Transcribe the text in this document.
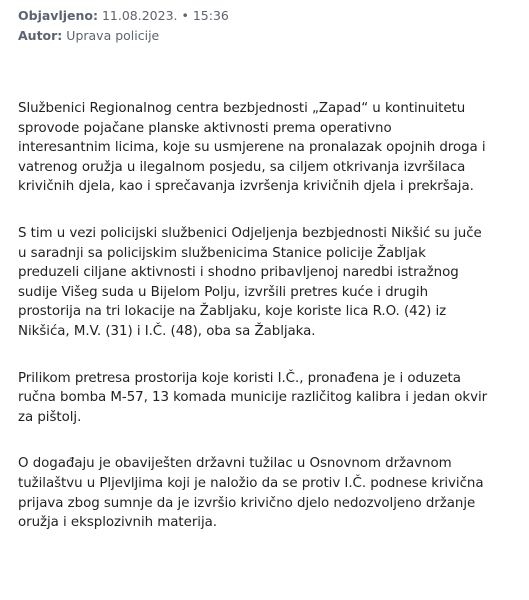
Objavljeno: 11.08.2023. • 15:36
Autor: Uprava policije

Službenici Regionalnog centra bezbjednosti „Zapad“ u kontinuitetu
sprovode pojačane planske aktivnosti prema operativno
interesantnim licima, koje su usmjerene na pronalazak opojnih droga i
vatrenog oružja u ilegalnom posjedu, sa ciljem otkrivanja izvršilaca
krivičnih djela, kao i sprečavanja izvršenja krivičnih djela i prekršaja.

S tim u vezi policijski službenici Odjeljenja bezbjednosti Nikšić su juče
u saradnji sa policijskim službenicima Stanice policije Žabljak
preduzeli ciljane aktivnosti i shodno pribavljenoj naredbi istražnog
sudije Višeg suda u Bijelom Polju, izvršili pretres kuće i drugih
prostorija na tri lokacije na Žabljaku, koje koriste lica R.O. (42) iz
Nikšića, M.V. (31) i I.Č. (48), oba sa Žabljaka.

Prilikom pretresa prostorija koje koristi I.Č., pronađena je i oduzeta
ručna bomba M-57, 13 komada municije različitog kalibra i jedan okvir
za pištolj.

O događaju je obaviješten državni tužilac u Osnovnom državnom
tužilaštvu u Pljevljima koji je naložio da se protiv I.Č. podnese krivična
prijava zbog sumnje da je izvršio krivično djelo nedozvoljeno držanje
oružja i eksplozivnih materija.
